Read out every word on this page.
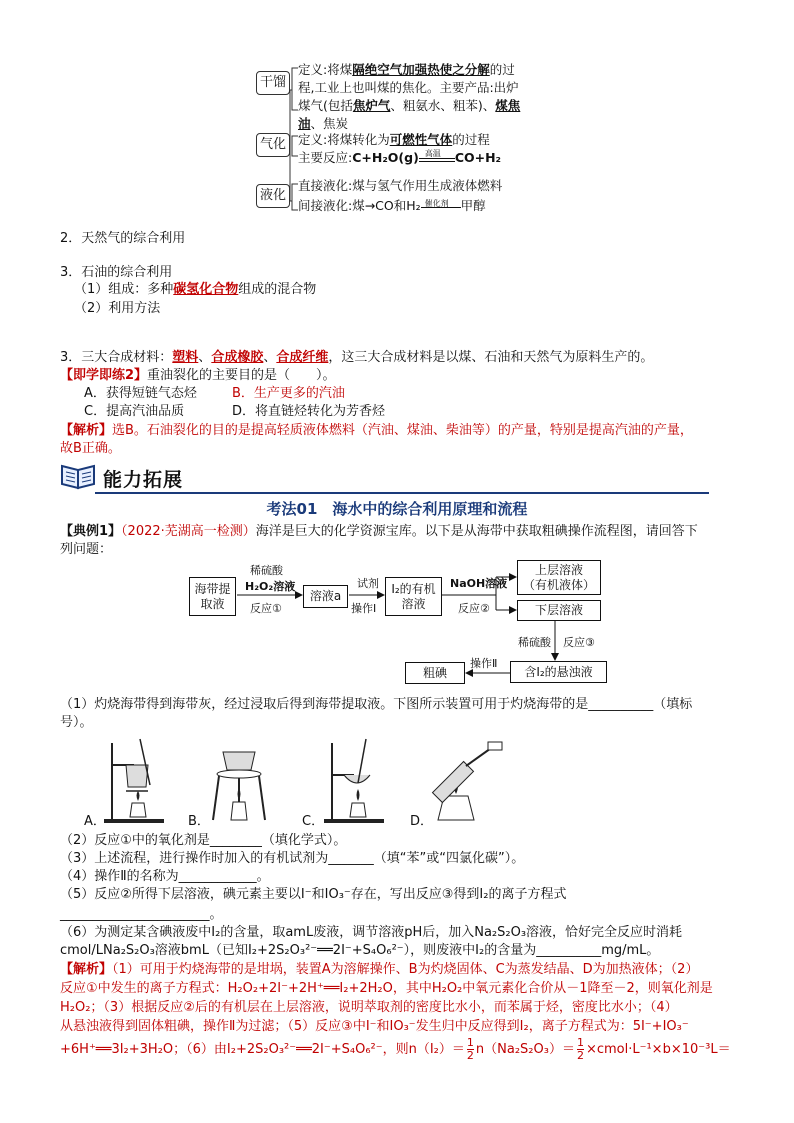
干馏
气化
液化
定义:将煤隔绝空气加强热使之分解的过
程,工业上也叫煤的焦化。主要产品:出炉
煤气(包括焦炉气、粗氨水、粗苯)、煤焦
油、焦炭
定义:将煤转化为可燃性气体的过程
主要反应:C+H₂O(g) 高温 CO+H₂
直接液化:煤与氢气作用生成液体燃料
间接液化:煤→CO和H₂ 催化剂 甲醇
2．天然气的综合利用
3．石油的综合利用
（1）组成：多种碳氢化合物组成的混合物
（2）利用方法
3．三大合成材料：塑料、合成橡胶、合成纤维，这三大合成材料是以煤、石油和天然气为原料生产的。
【即学即练2】重油裂化的主要目的是（　　）。
A．获得短链气态烃	B．生产更多的汽油
C．提高汽油品质	D．将直链烃转化为芳香烃
【解析】选B。石油裂化的目的是提高轻质液体燃料（汽油、煤油、柴油等）的产量，特别是提高汽油的产量，
故B正确。
能力拓展
考法01　海水中的综合利用原理和流程
【典例1】（2022·芜湖高一检测）海洋是巨大的化学资源宝库。以下是从海带中获取粗碘操作流程图，请回答下
列问题：
海带提
取液
溶液a
I₂的有机
溶液
上层溶液
（有机液体）
下层溶液
含I₂的悬浊液
粗碘
稀硫酸
H₂O₂溶液
反应①
试剂
操作Ⅰ
NaOH溶液
反应②
稀硫酸 反应③
操作Ⅱ
（1）灼烧海带得到海带灰，经过浸取后得到海带提取液。下图所示装置可用于灼烧海带的是__________（填标
号）。
A．	B．	C．	D．
（2）反应①中的氧化剂是________（填化学式）。
（3）上述流程，进行操作时加入的有机试剂为_______（填“苯”或“四氯化碳”）。
（4）操作Ⅱ的名称为____________。
（5）反应②所得下层溶液，碘元素主要以I⁻和IO₃⁻存在，写出反应③得到I₂的离子方程式
_______________________。
（6）为测定某含碘液废中I₂的含量，取amL废液，调节溶液pH后，加入Na₂S₂O₃溶液，恰好完全反应时消耗
cmol/LNa₂S₂O₃溶液bmL（已知I₂+2S₂O₃²⁻══2I⁻+S₄O₆²⁻），则废液中I₂的含量为__________mg/mL。
【解析】（1）可用于灼烧海带的是坩埚，装置A为溶解操作、B为灼烧固体、C为蒸发结晶、D为加热液体；（2）
反应①中发生的离子方程式：H₂O₂+2I⁻+2H⁺══I₂+2H₂O，其中H₂O₂中氧元素化合价从－1降至－2，则氧化剂是
H₂O₂；（3）根据反应②后的有机层在上层溶液，说明萃取剂的密度比水小，而苯属于烃，密度比水小；（4）
从悬浊液得到固体粗碘，操作Ⅱ为过滤；（5）反应③中I⁻和IO₃⁻发生归中反应得到I₂，离子方程式为：5I⁻+IO₃⁻
+6H⁺══3I₂+3H₂O；（6）由I₂+2S₂O₃²⁻══2I⁻+S₄O₆²⁻，则$n(I_2)= \frac{1}{2} n(Na_2S_2O_3)= \frac{1}{2}$ ×cmol·L⁻¹×b×10⁻³L＝
